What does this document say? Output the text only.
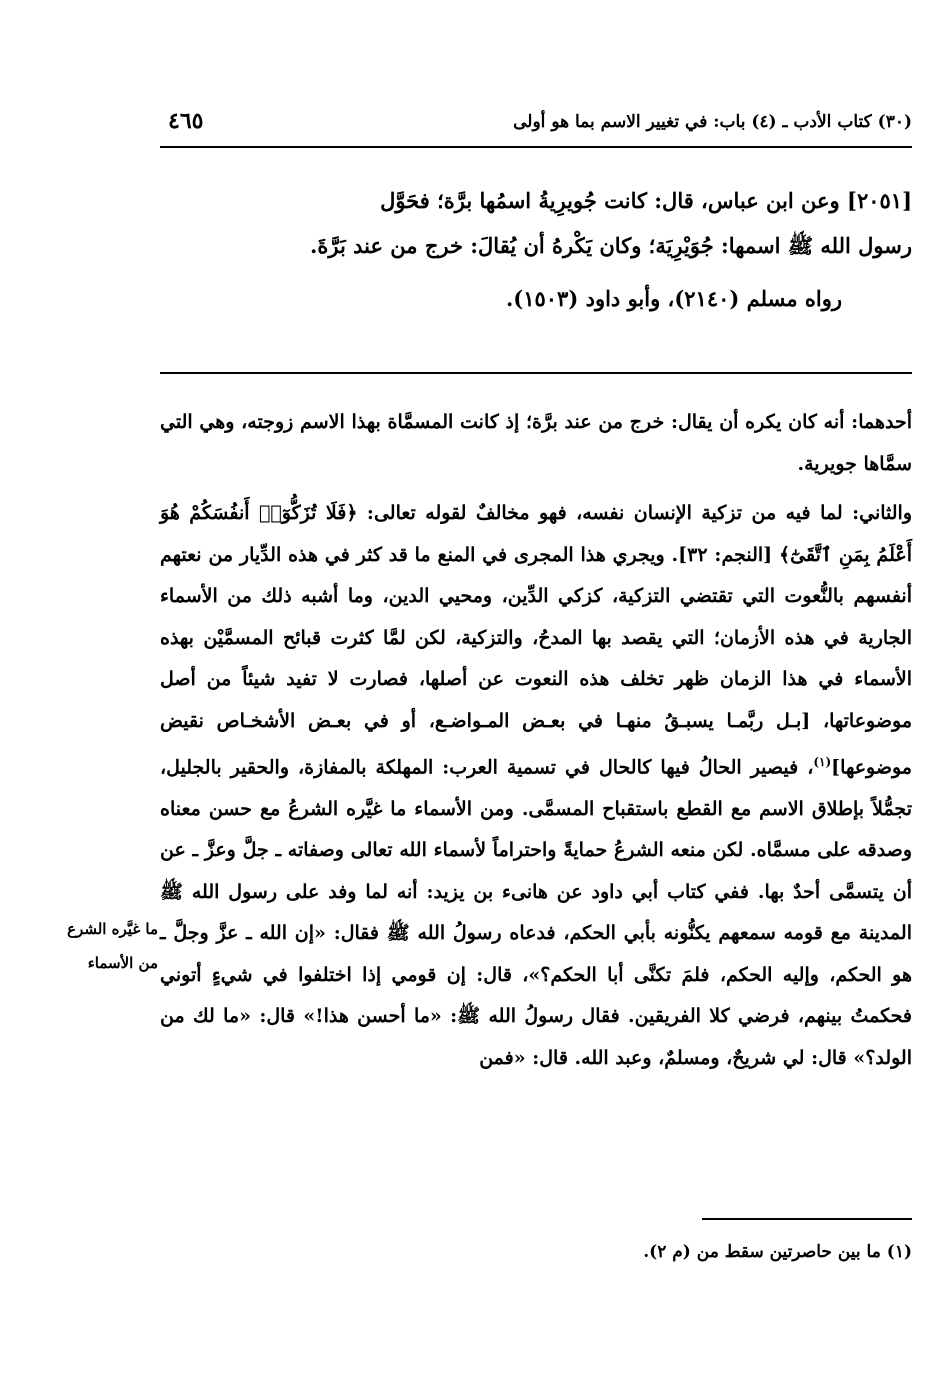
(٣٠) كتاب الأدب ـ (٤) باب: في تغيير الاسم بما هو أولى
٤٦٥

[٢٠٥١] وعن ابن عباس، قال: كانت جُويرِيةُ اسمُها برَّة؛ فحَوَّل

رسول الله ﷺ اسمها: جُوَيْرِيَة؛ وكان يَكْرهُ أن يُقالَ: خرج من عند بَرَّةَ.

رواه مسلم (٢١٤٠)، وأبو داود (١٥٠٣).

أحدهما: أنه كان يكره أن يقال: خرج من عند برَّة؛ إذ كانت المسمَّاة بهذا الاسم زوجته، وهي التي سمَّاها جويرية.

والثاني: لما فيه من تزكية الإنسان نفسه، فهو مخالفٌ لقوله تعالى: ﴿فَلَا تُزَكُّوٓا۟ أَنفُسَكُمْ هُوَ أَعْلَمُ بِمَنِ ٱتَّقَىٰٓ﴾ [النجم: ٣٢]. ويجري هذا المجرى في المنع ما قد كثر في هذه الدِّيار من نعتهم أنفسهم بالنُّعوت التي تقتضي التزكية، كزكي الدِّين، ومحيي الدين، وما أشبه ذلك من الأسماء الجارية في هذه الأزمان؛ التي يقصد بها المدحُ، والتزكية، لكن لمَّا كثرت قبائح المسمَّيْن بهذه الأسماء في هذا الزمان ظهر تخلف هذه النعوت عن أصلها، فصارت لا تفيد شيئاً من أصل موضوعاتها، [بـل ربَّمـا يسبـقُ منهـا في بعـض المـواضـع، أو في بعـض الأشخـاص نقيض موضوعها]$^{(١)}$، فيصير الحالُ فيها كالحال في تسمية العرب: المهلكة بالمفازة، والحقير بالجليل، تجمُّلاً بإطلاق الاسم مع القطع باستقباح المسمَّى. ومن الأسماء ما غيَّره الشرعُ مع حسن معناه وصدقه على مسمَّاه. لكن منعه الشرعُ حمايةً واحتراماً لأسماء الله تعالى وصفاته ـ جلَّ وعزَّ ـ عن أن يتسمَّى أحدٌ بها. ففي كتاب أبي داود عن هانىء بن يزيد: أنه لما وفد على رسول الله ﷺ المدينة مع قومه سمعهم يكنُّونه بأبي الحكم، فدعاه رسولُ الله ﷺ فقال: «إن الله ـ عزَّ وجلَّ ـ هو الحكم، وإليه الحكم، فلمَ تكنَّى أبا الحكم؟»، قال: إن قومي إذا اختلفوا في شيءٍ أتوني فحكمتُ بينهم، فرضي كلا الفريقين. فقال رسولُ الله ﷺ: «ما أحسن هذا!» قال: «ما لك من الولد؟» قال: لي شريحٌ، ومسلمٌ، وعبد الله. قال: «فمن

ما غيَّره الشرع
من الأسماء
(١) ما بين حاصرتين سقط من (م ٢).
